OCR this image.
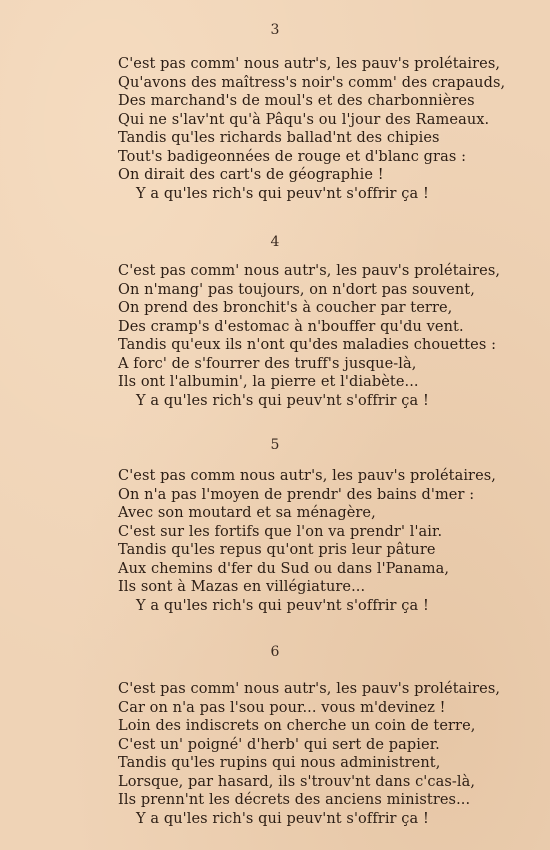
3
C'est pas comm' nous autr's, les pauv's prolétaires,
Qu'avons des maîtress's noir's comm' des crapauds,
Des marchand's de moul's et des charbonnières
Qui ne s'lav'nt qu'à Pâqu's ou l'jour des Rameaux.
Tandis qu'les richards ballad'nt des chipies
Tout's badigeonnées de rouge et d'blanc gras :
On dirait des cart's de géographie !
Y a qu'les rich's qui peuv'nt s'offrir ça !
4
C'est pas comm' nous autr's, les pauv's prolétaires,
On n'mang' pas toujours, on n'dort pas souvent,
On prend des bronchit's à coucher par terre,
Des cramp's d'estomac à n'bouffer qu'du vent.
Tandis qu'eux ils n'ont qu'des maladies chouettes :
A forc' de s'fourrer des truff's jusque-là,
Ils ont l'albumin', la pierre et l'diabète...
Y a qu'les rich's qui peuv'nt s'offrir ça !
5
C'est pas comm nous autr's, les pauv's prolétaires,
On n'a pas l'moyen de prendr' des bains d'mer :
Avec son moutard et sa ménagère,
C'est sur les fortifs que l'on va prendr' l'air.
Tandis qu'les repus qu'ont pris leur pâture
Aux chemins d'fer du Sud ou dans l'Panama,
Ils sont à Mazas en villégiature...
Y a qu'les rich's qui peuv'nt s'offrir ça !
6
C'est pas comm' nous autr's, les pauv's prolétaires,
Car on n'a pas l'sou pour... vous m'devinez !
Loin des indiscrets on cherche un coin de terre,
C'est un' poigné' d'herb' qui sert de papier.
Tandis qu'les rupins qui nous administrent,
Lorsque, par hasard, ils s'trouv'nt dans c'cas-là,
Ils prenn'nt les décrets des anciens ministres...
Y a qu'les rich's qui peuv'nt s'offrir ça !
